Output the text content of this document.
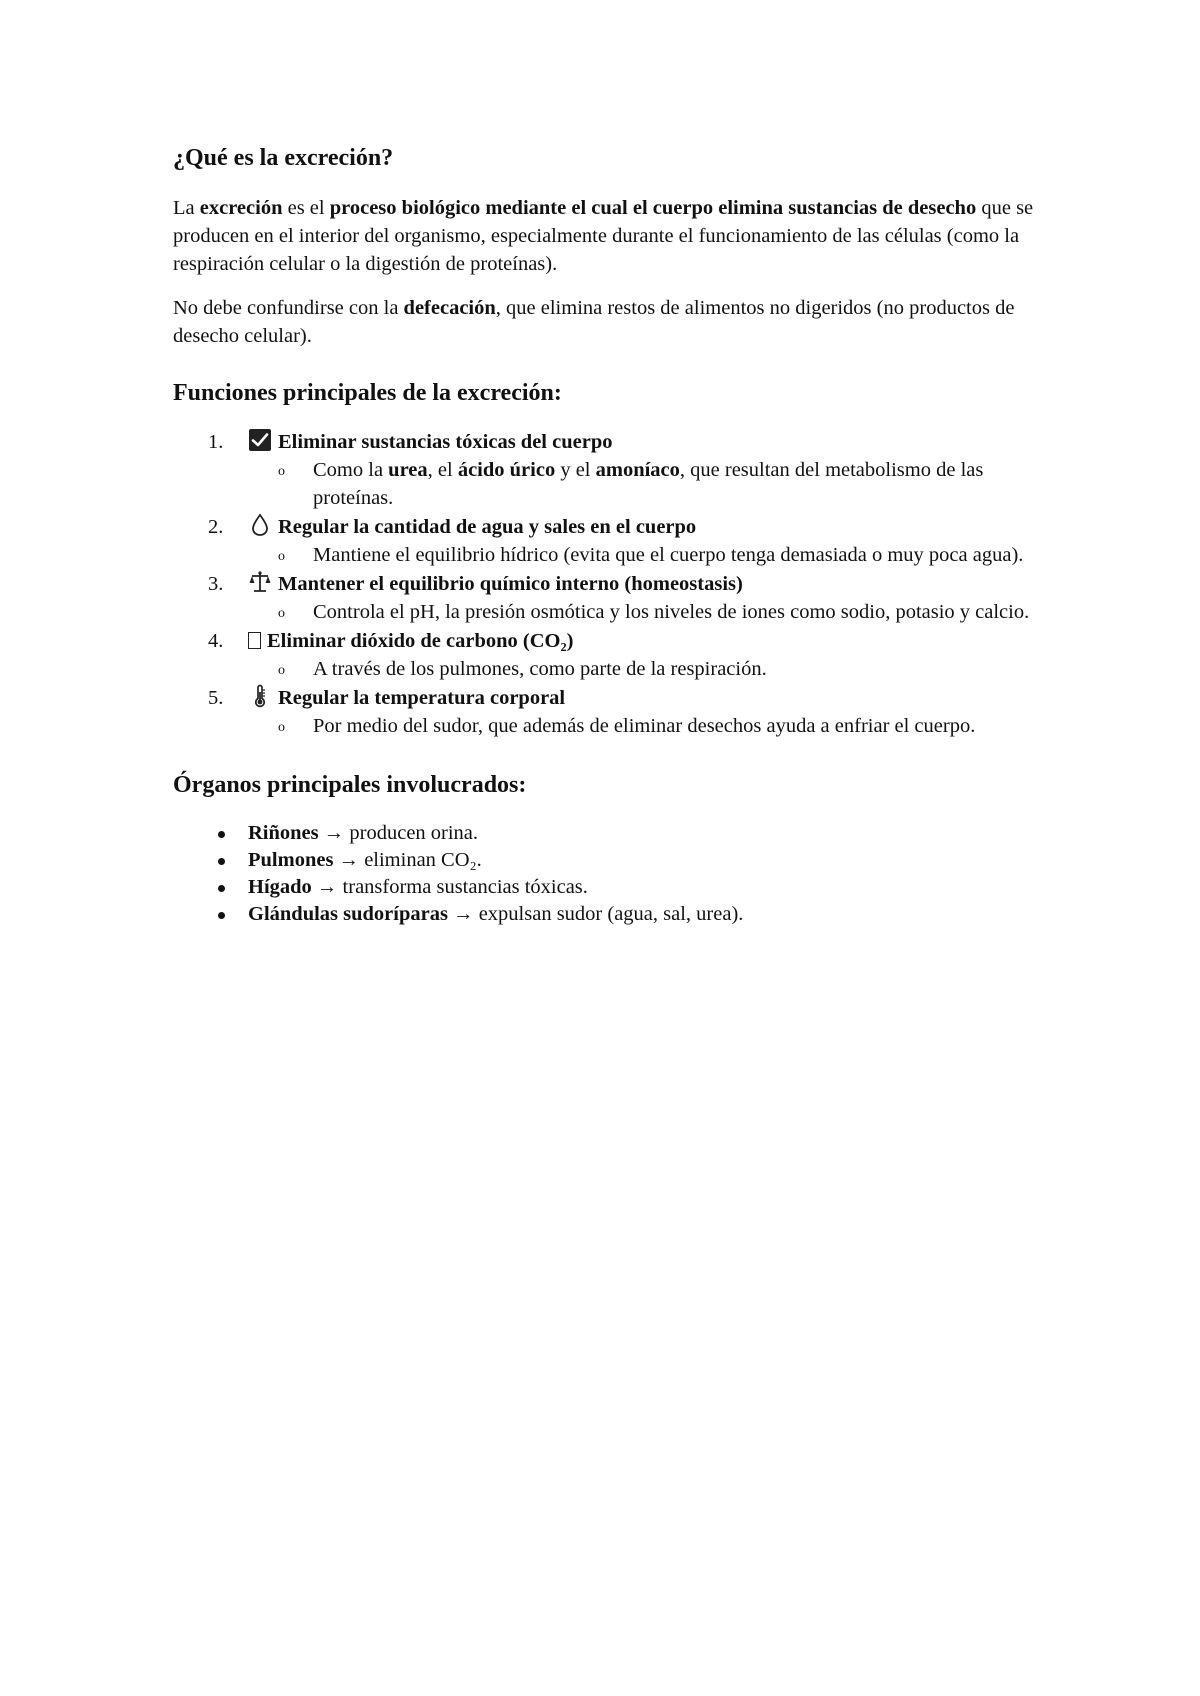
¿Qué es la excreción?

La excreción es el proceso biológico mediante el cual el cuerpo elimina sustancias de desecho que se producen en el interior del organismo, especialmente durante el funcionamiento de las células (como la respiración celular o la digestión de proteínas).

No debe confundirse con la defecación, que elimina restos de alimentos no digeridos (no productos de desecho celular).

Funciones principales de la excreción:
1.	Eliminar sustancias tóxicas del cuerpo
o Como la urea, el ácido úrico y el amoníaco, que resultan del metabolismo de las proteínas.
2.	Regular la cantidad de agua y sales en el cuerpo
o Mantiene el equilibrio hídrico (evita que el cuerpo tenga demasiada o muy poca agua).
3.	Mantener el equilibrio químico interno (homeostasis)
o Controla el pH, la presión osmótica y los niveles de iones como sodio, potasio y calcio.
4. Eliminar dióxido de carbono (CO₂)
o A través de los pulmones, como parte de la respiración.
5.	Regular la temperatura corporal
o Por medio del sudor, que además de eliminar desechos ayuda a enfriar el cuerpo.
Órganos principales involucrados:
Riñones → producen orina.
Pulmones → eliminan CO₂.
Hígado → transforma sustancias tóxicas.
Glándulas sudoríparas → expulsan sudor (agua, sal, urea).
